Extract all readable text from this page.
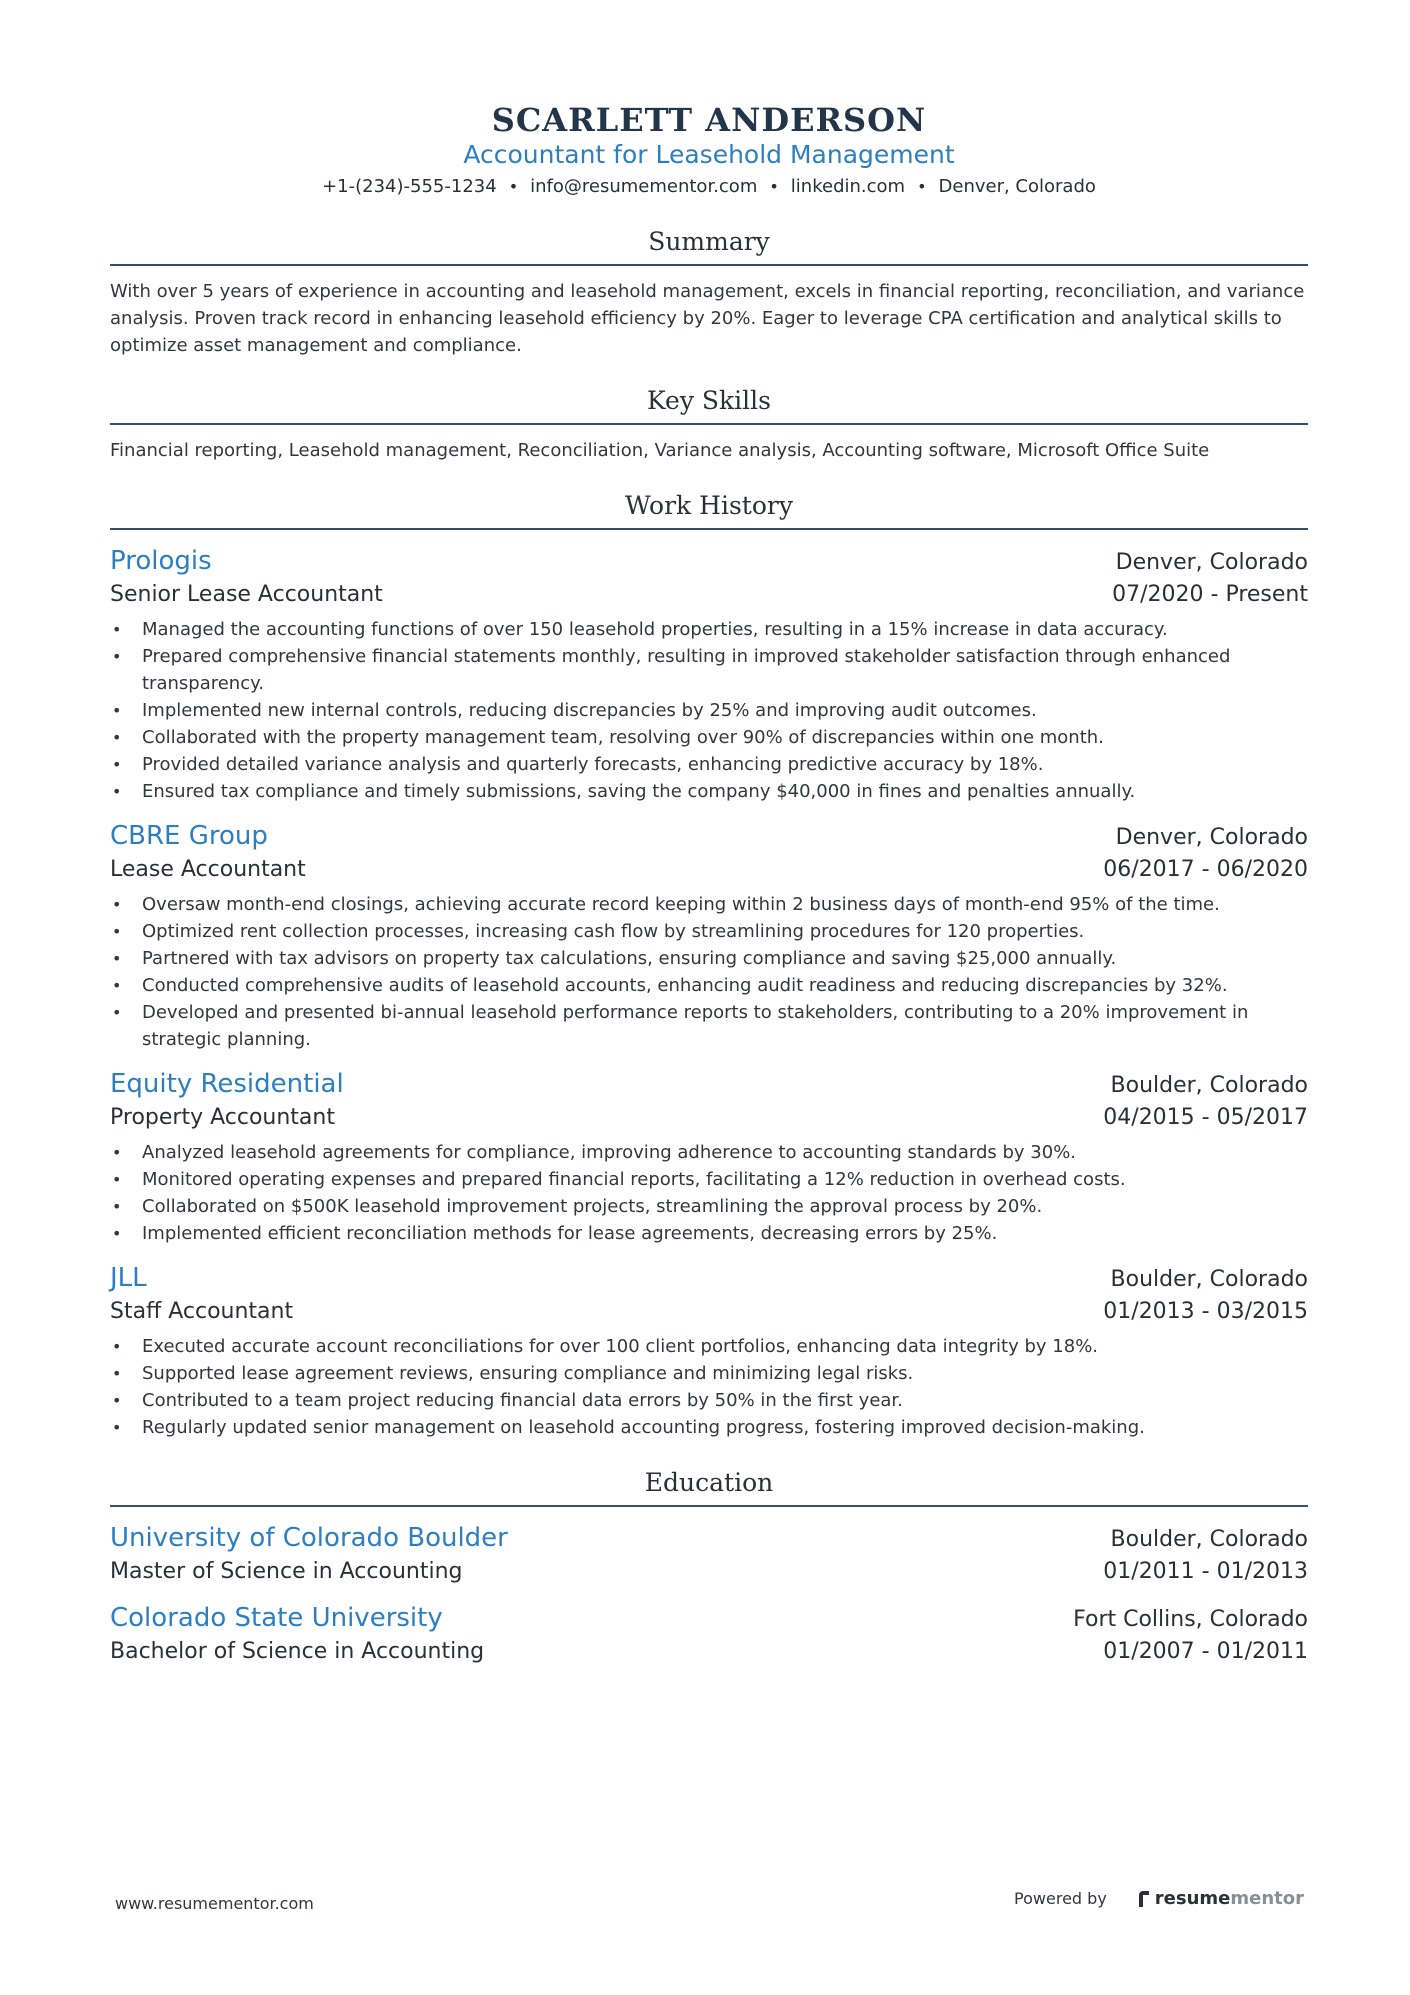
SCARLETT ANDERSON
Accountant for Leasehold Management
+1-(234)-555-1234 • info@resumementor.com • linkedin.com • Denver, Colorado
Summary
With over 5 years of experience in accounting and leasehold management, excels in financial reporting, reconciliation, and variance analysis. Proven track record in enhancing leasehold efficiency by 20%. Eager to leverage CPA certification and analytical skills to optimize asset management and compliance.
Key Skills
Financial reporting, Leasehold management, Reconciliation, Variance analysis, Accounting software, Microsoft Office Suite
Work History
Prologis	Denver, Colorado
Senior Lease Accountant	07/2020 - Present
• Managed the accounting functions of over 150 leasehold properties, resulting in a 15% increase in data accuracy.
• Prepared comprehensive financial statements monthly, resulting in improved stakeholder satisfaction through enhanced transparency.
• Implemented new internal controls, reducing discrepancies by 25% and improving audit outcomes.
• Collaborated with the property management team, resolving over 90% of discrepancies within one month.
• Provided detailed variance analysis and quarterly forecasts, enhancing predictive accuracy by 18%.
• Ensured tax compliance and timely submissions, saving the company $40,000 in fines and penalties annually.
CBRE Group	Denver, Colorado
Lease Accountant	06/2017 - 06/2020
• Oversaw month-end closings, achieving accurate record keeping within 2 business days of month-end 95% of the time.
• Optimized rent collection processes, increasing cash flow by streamlining procedures for 120 properties.
• Partnered with tax advisors on property tax calculations, ensuring compliance and saving $25,000 annually.
• Conducted comprehensive audits of leasehold accounts, enhancing audit readiness and reducing discrepancies by 32%.
• Developed and presented bi-annual leasehold performance reports to stakeholders, contributing to a 20% improvement in strategic planning.
Equity Residential	Boulder, Colorado
Property Accountant	04/2015 - 05/2017
• Analyzed leasehold agreements for compliance, improving adherence to accounting standards by 30%.
• Monitored operating expenses and prepared financial reports, facilitating a 12% reduction in overhead costs.
• Collaborated on $500K leasehold improvement projects, streamlining the approval process by 20%.
• Implemented efficient reconciliation methods for lease agreements, decreasing errors by 25%.
JLL	Boulder, Colorado
Staff Accountant	01/2013 - 03/2015
• Executed accurate account reconciliations for over 100 client portfolios, enhancing data integrity by 18%.
• Supported lease agreement reviews, ensuring compliance and minimizing legal risks.
• Contributed to a team project reducing financial data errors by 50% in the first year.
• Regularly updated senior management on leasehold accounting progress, fostering improved decision-making.
Education
University of Colorado Boulder	Boulder, Colorado
Master of Science in Accounting	01/2011 - 01/2013
Colorado State University	Fort Collins, Colorado
Bachelor of Science in Accounting	01/2007 - 01/2011
www.resumementor.com	Powered by	resume mentor
